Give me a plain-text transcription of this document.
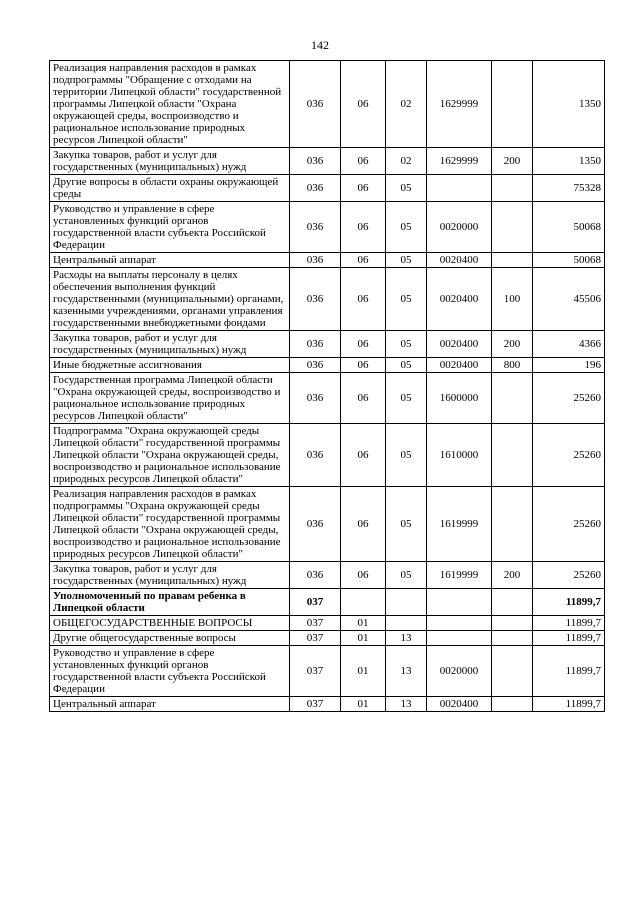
142
Реализация направления расходов в рамках подпрограммы "Обращение с отходами на территории Липецкой области" государственной программы Липецкой области "Охрана окружающей среды, воспроизводство и рациональное использование природных ресурсов Липецкой области"	036	06	02	1629999		1350
Закупка товаров, работ и услуг для государственных (муниципальных) нужд	036	06	02	1629999	200	1350
Другие вопросы в области охраны окружающей среды	036	06	05			75328
Руководство и управление в сфере установленных функций органов государственной власти субъекта Российской Федерации	036	06	05	0020000		50068
Центральный аппарат	036	06	05	0020400		50068
Расходы на выплаты персоналу в целях обеспечения выполнения функций государственными (муниципальными) органами, казенными учреждениями, органами управления государственными внебюджетными фондами	036	06	05	0020400	100	45506
Закупка товаров, работ и услуг для государственных (муниципальных) нужд	036	06	05	0020400	200	4366
Иные бюджетные ассигнования	036	06	05	0020400	800	196
Государственная программа Липецкой области "Охрана окружающей среды, воспроизводство и рациональное использование природных ресурсов Липецкой области"	036	06	05	1600000		25260
Подпрограмма "Охрана окружающей среды Липецкой области" государственной программы Липецкой области "Охрана окружающей среды, воспроизводство и рациональное использование природных ресурсов Липецкой области"	036	06	05	1610000		25260
Реализация направления расходов в рамках подпрограммы "Охрана окружающей среды Липецкой области" государственной программы Липецкой области "Охрана окружающей среды, воспроизводство и рациональное использование природных ресурсов Липецкой области"	036	06	05	1619999		25260
Закупка товаров, работ и услуг для государственных (муниципальных) нужд	036	06	05	1619999	200	25260
Уполномоченный по правам ребенка в Липецкой области	037					11899,7
ОБЩЕГОСУДАРСТВЕННЫЕ ВОПРОСЫ	037	01				11899,7
Другие общегосударственные вопросы	037	01	13			11899,7
Руководство и управление в сфере установленных функций органов государственной власти субъекта Российской Федерации	037	01	13	0020000		11899,7
Центральный аппарат	037	01	13	0020400		11899,7
